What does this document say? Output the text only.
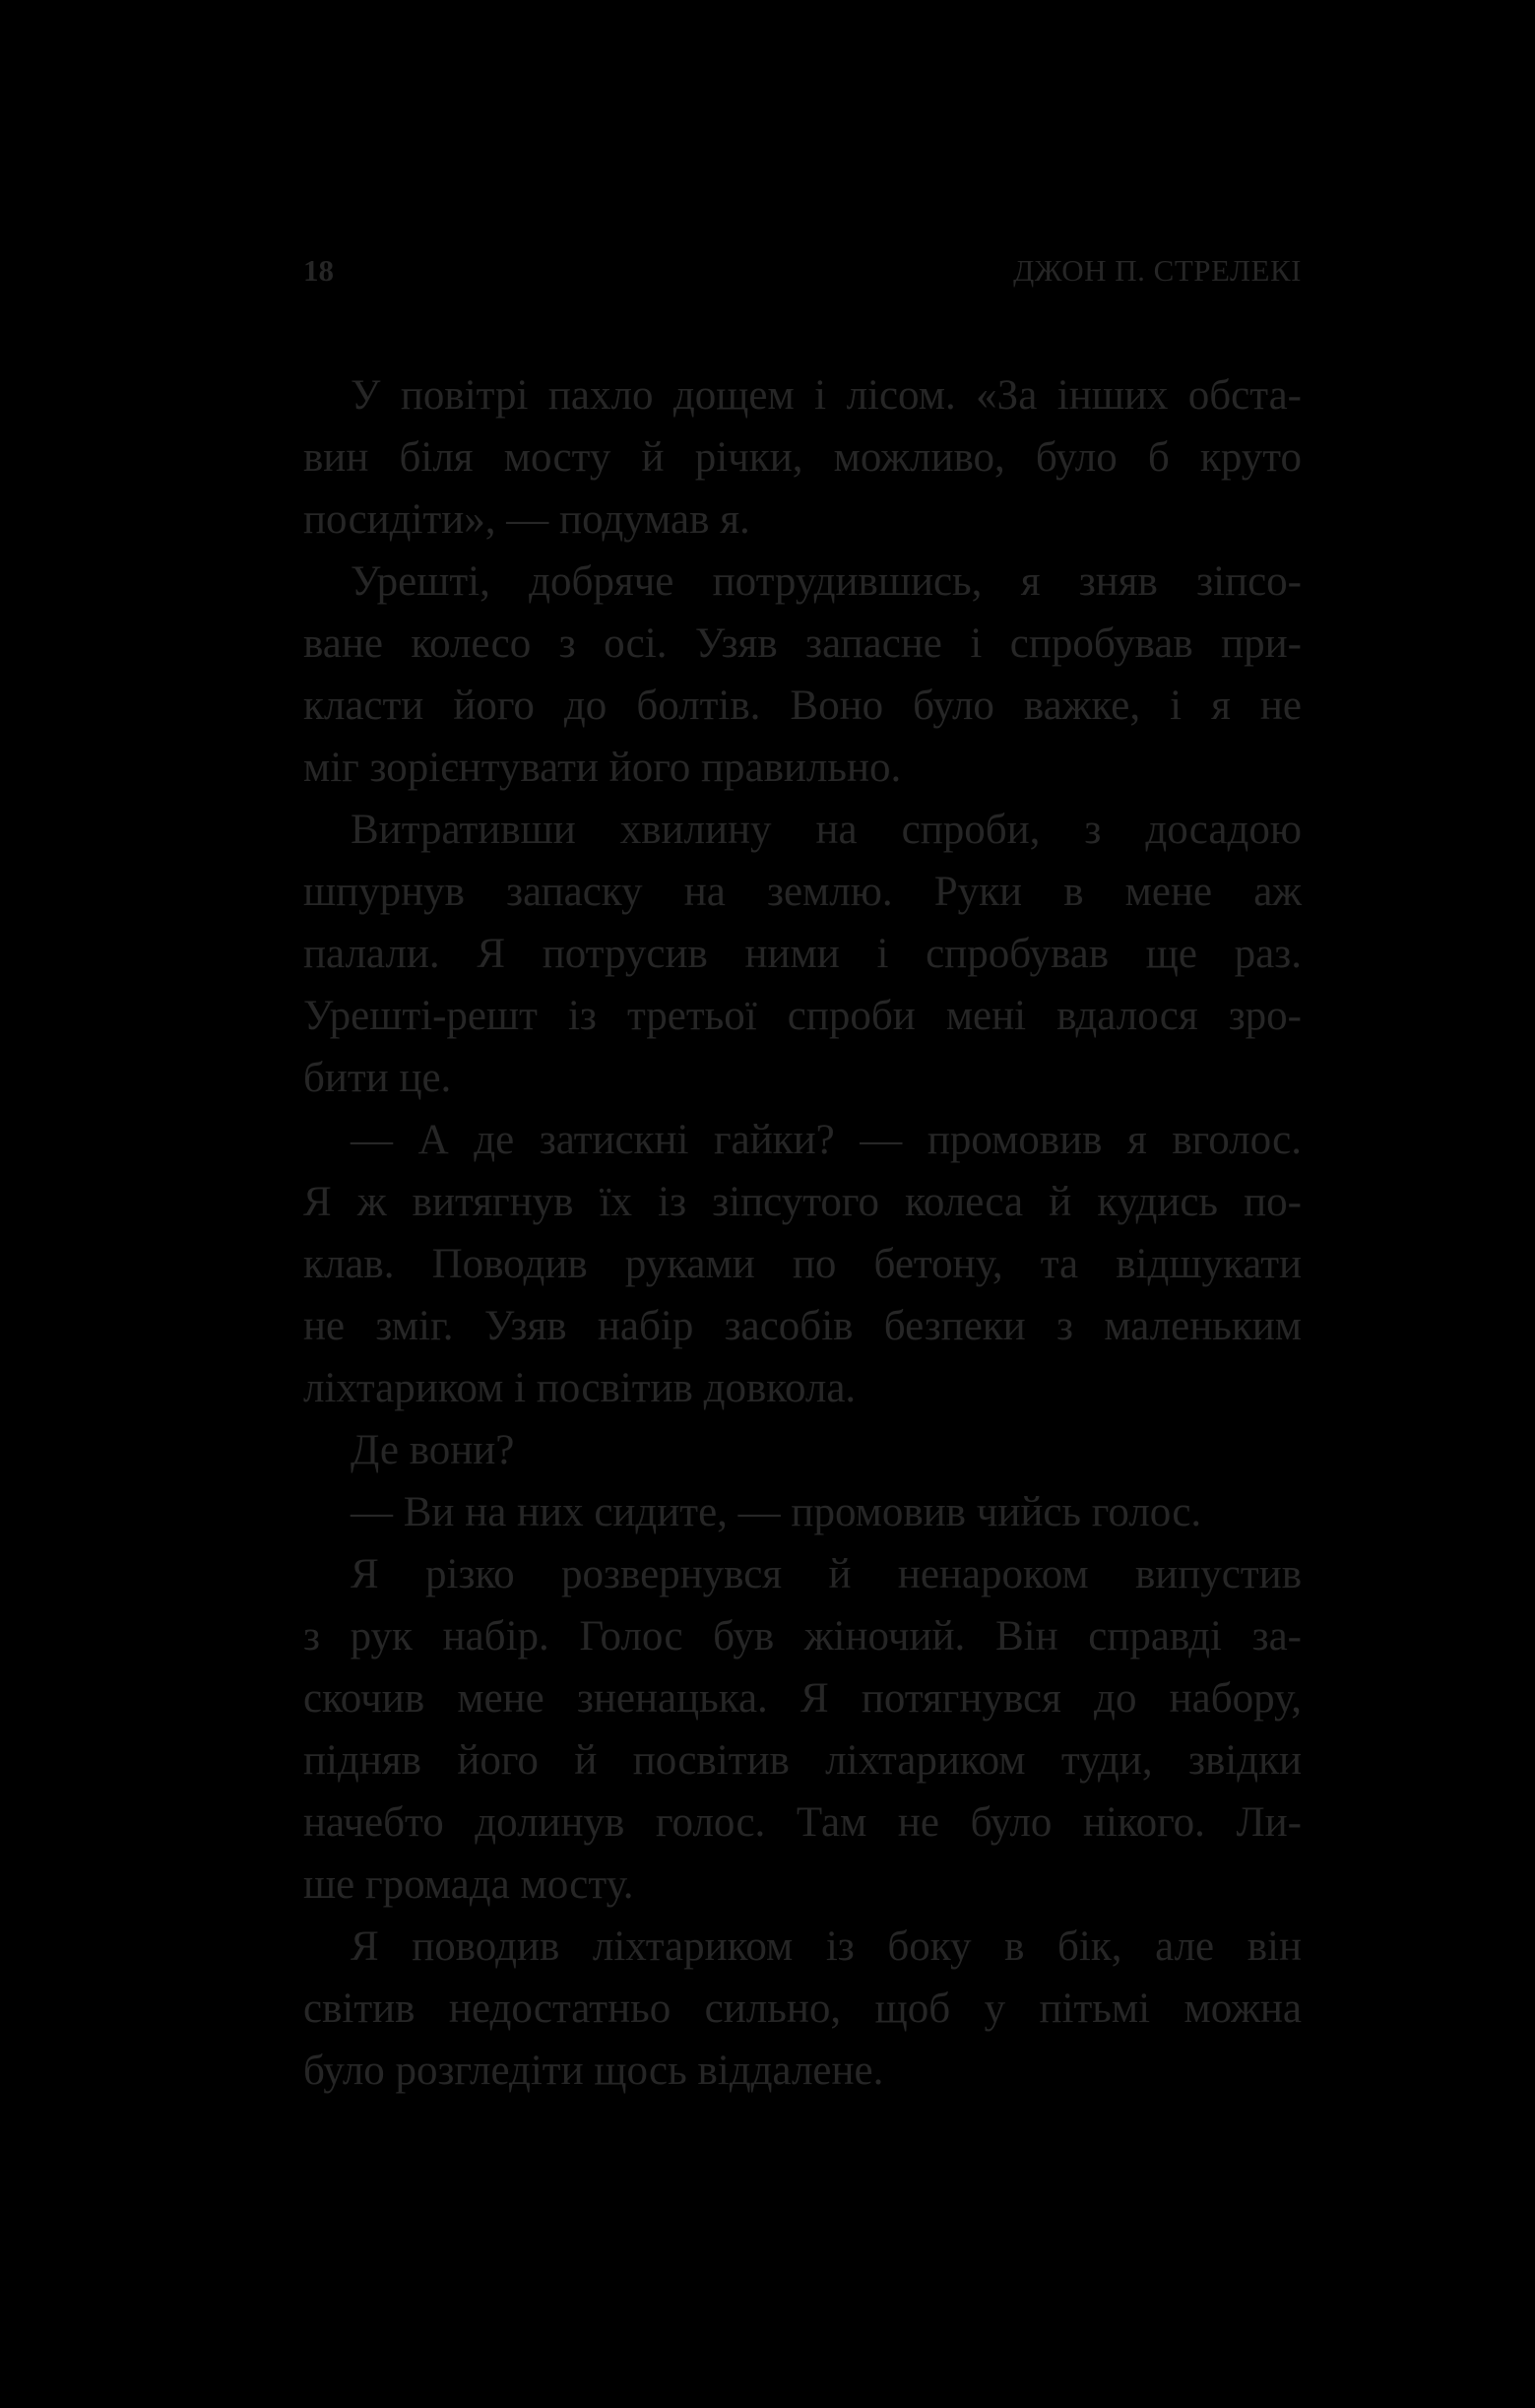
18	ДЖОН П. СТРЕЛЕКІ
У повітрі пахло дощем і лісом. «За інших обста-
вин біля мосту й річки, можливо, було б круто
посидіти», — подумав я.
Урешті, добряче потрудившись, я зняв зіпсо-
ване колесо з осі. Узяв запасне і спробував при-
класти його до болтів. Воно було важке, і я не
міг зорієнтувати його правильно.
Витративши хвилину на спроби, з досадою
шпурнув запаску на землю. Руки в мене аж
палали. Я потрусив ними і спробував ще раз.
Урешті-решт із третьої спроби мені вдалося зро-
бити це.
— А де затискні гайки? — промовив я вголос.
Я ж витягнув їх із зіпсутого колеса й кудись по-
клав. Поводив руками по бетону, та відшукати
не зміг. Узяв набір засобів безпеки з маленьким
ліхтариком і посвітив довкола.
Де вони?
— Ви на них сидите, — промовив чийсь голос.
Я різко розвернувся й ненароком випустив
з рук набір. Голос був жіночий. Він справді за-
скочив мене зненацька. Я потягнувся до набору,
підняв його й посвітив ліхтариком туди, звідки
начебто долинув голос. Там не було нікого. Ли-
ше громада мосту.
Я поводив ліхтариком із боку в бік, але він
світив недостатньо сильно, щоб у пітьмі можна
було розгледіти щось віддалене.
